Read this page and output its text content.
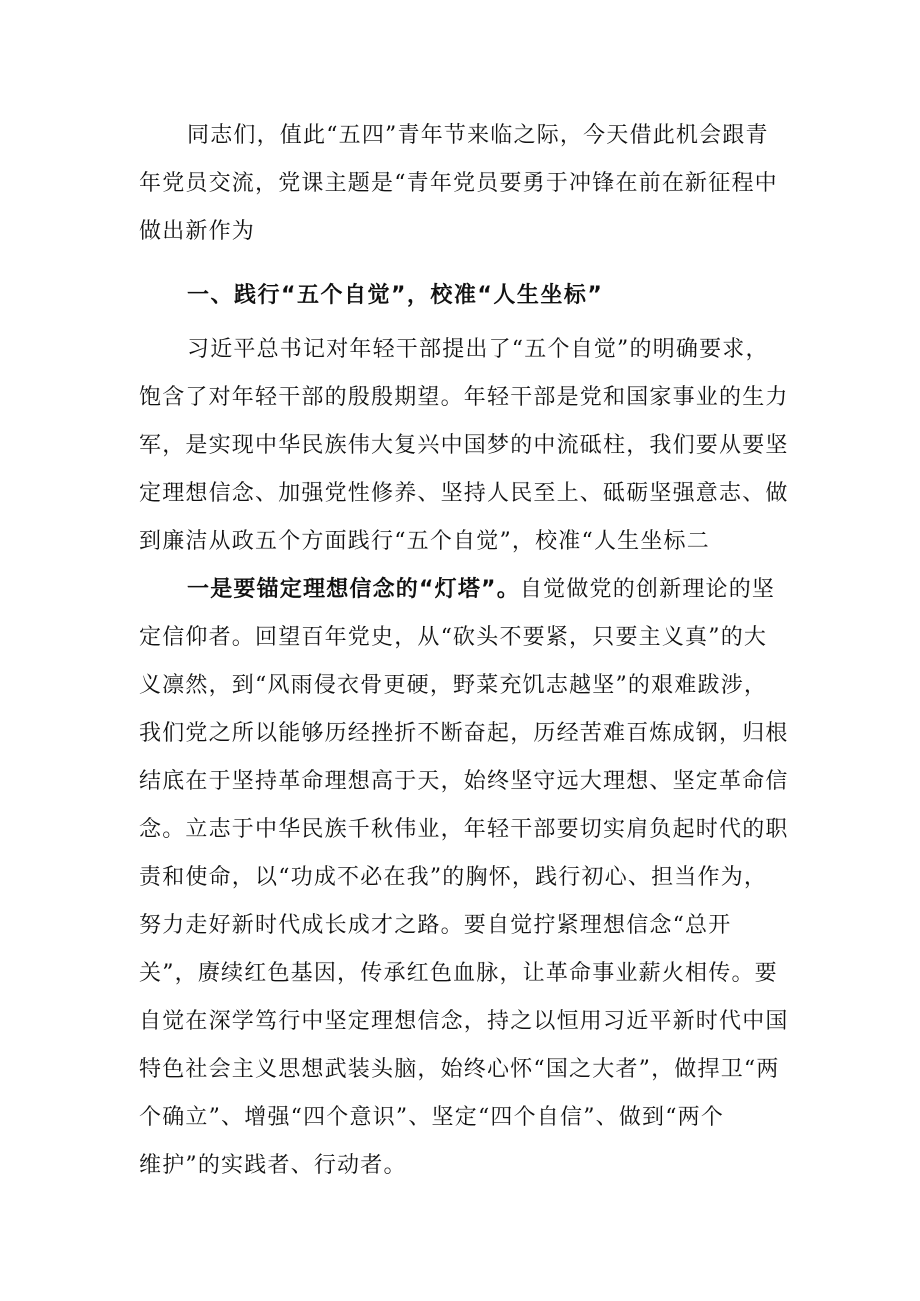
同志们，值此“五四”青年节来临之际，今天借此机会跟青
年党员交流，党课主题是“青年党员要勇于冲锋在前在新征程中
做出新作为
一、践行“五个自觉”，校准“人生坐标”
习近平总书记对年轻干部提出了“五个自觉”的明确要求，
饱含了对年轻干部的殷殷期望。年轻干部是党和国家事业的生力
军，是实现中华民族伟大复兴中国梦的中流砥柱，我们要从要坚
定理想信念、加强党性修养、坚持人民至上、砥砺坚强意志、做
到廉洁从政五个方面践行“五个自觉”，校准“人生坐标二
一是要锚定理想信念的“灯塔”。自觉做党的创新理论的坚
定信仰者。回望百年党史，从“砍头不要紧，只要主义真”的大
义凛然，到“风雨侵衣骨更硬，野菜充饥志越坚”的艰难跋涉，
我们党之所以能够历经挫折不断奋起，历经苦难百炼成钢，归根
结底在于坚持革命理想高于天，始终坚守远大理想、坚定革命信
念。立志于中华民族千秋伟业，年轻干部要切实肩负起时代的职
责和使命，以“功成不必在我”的胸怀，践行初心、担当作为，
努力走好新时代成长成才之路。要自觉拧紧理想信念“总开
关”，赓续红色基因，传承红色血脉，让革命事业薪火相传。要
自觉在深学笃行中坚定理想信念，持之以恒用习近平新时代中国
特色社会主义思想武装头脑，始终心怀“国之大者”，做捍卫“两
个确立”、增强“四个意识”、坚定“四个自信”、做到“两个
维护”的实践者、行动者。
